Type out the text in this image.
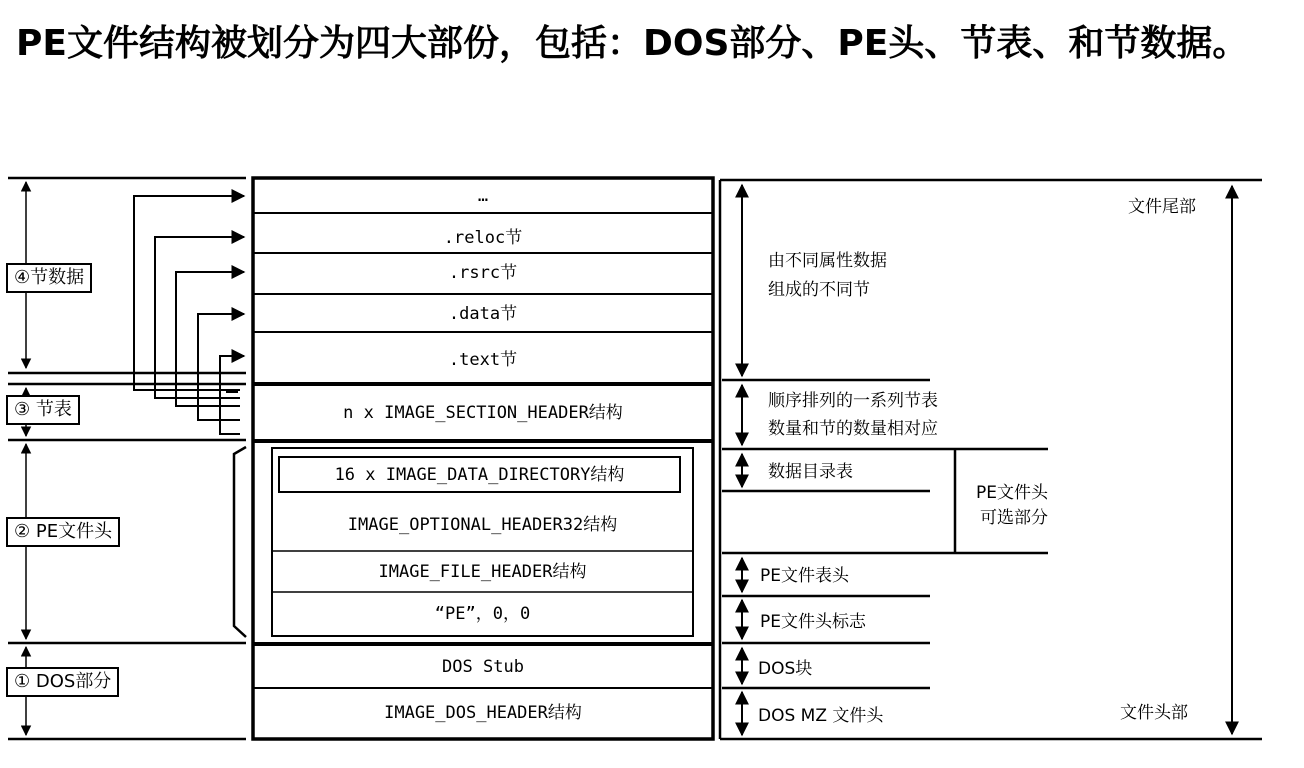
PE文件结构被划分为四大部份，包括：DOS部分、PE头、节表、和节数据。
④节数据
③ 节表
② PE文件头
① DOS部分
…
.reloc节
.rsrc节
.data节
.text节
n x IMAGE_SECTION_HEADER结构
16 x IMAGE_DATA_DIRECTORY结构
IMAGE_OPTIONAL_HEADER32结构
IMAGE_FILE_HEADER结构
“PE”，0，0
DOS Stub
IMAGE_DOS_HEADER结构
文件尾部
由不同属性数据
组成的不同节
顺序排列的一系列节表
数量和节的数量相对应
数据目录表
PE文件头
可选部分
PE文件表头
PE文件头标志
DOS块
DOS MZ 文件头	文件头部
